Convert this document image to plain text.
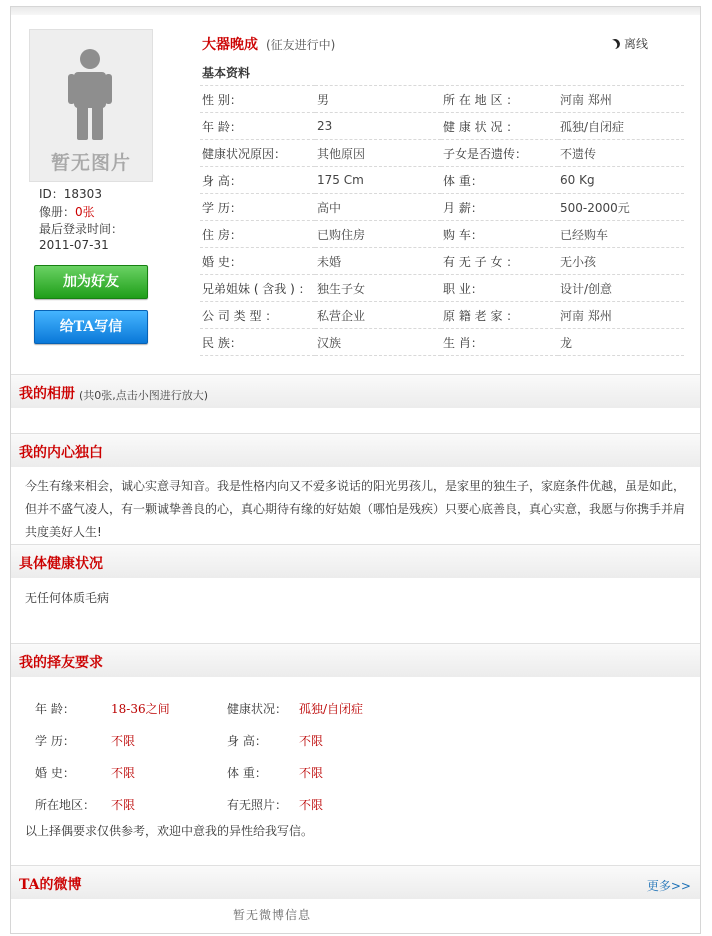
暂无图片
ID：18303
像册：0张
最后登录时间：
2011-07-31
加为好友
给TA写信
大器晚成 (征友进行中)	离线
基本资料
性 别：	男	所 在 地 区 ：	河南 郑州
年 龄：	23	健 康 状 况 ：	孤独/自闭症
健康状况原因：	其他原因	子女是否遗传：	不遗传
身 高：	175 Cm	体 重：	60 Kg
学 历：	高中	月 薪：	500-2000元
住 房：	已购住房	购 车：	已经购车
婚 史：	未婚	有 无 子 女 ：	无小孩
兄弟姐妹 ( 含我 ) ：	独生子女	职 业：	设计/创意
公 司 类 型 ：	私营企业	原 籍 老 家 ：	河南 郑州
民 族：	汉族	生 肖：	龙
我的相册 (共0张,点击小图进行放大)
我的内心独白
今生有缘来相会，诚心实意寻知音。我是性格内向又不爱多说话的阳光男孩儿，是家里的独生子，家庭条件优越，虽是如此，但并不盛气凌人，有一颗诚挚善良的心，真心期待有缘的好姑娘（哪怕是残疾）只要心底善良，真心实意，我愿与你携手并肩共度美好人生!
具体健康状况
无任何体质毛病
我的择友要求
年 龄：	18-36之间	健康状况： 孤独/自闭症
学 历：	不限	身 高：	不限
婚 史：	不限	体 重：	不限
所在地区： 不限	有无照片： 不限
以上择偶要求仅供参考，欢迎中意我的异性给我写信。
TA的微博	更多>>
暂无微博信息
